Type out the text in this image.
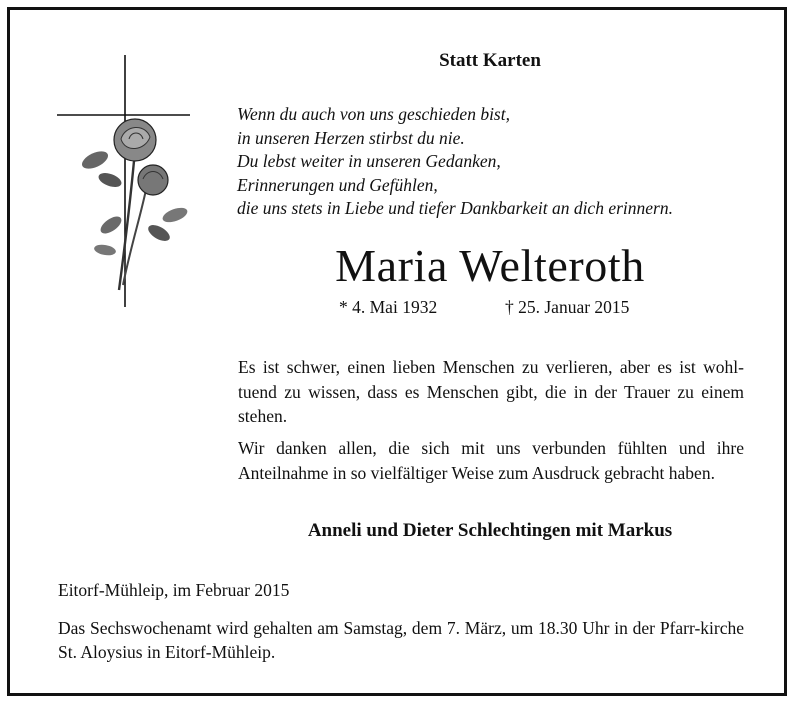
Statt Karten
Wenn du auch von uns geschieden bist,
in unseren Herzen stirbst du nie.
Du lebst weiter in unseren Gedanken,
Erinnerungen und Gefühlen,
die uns stets in Liebe und tiefer Dankbarkeit an dich erinnern.
Maria Welteroth
* 4. Mai 1932	† 25. Januar 2015

Es ist schwer, einen lieben Menschen zu verlieren, aber es ist wohl-tuend zu wissen, dass es Menschen gibt, die in der Trauer zu einem stehen.

Wir danken allen, die sich mit uns verbunden fühlten und ihre Anteilnahme in so vielfältiger Weise zum Ausdruck gebracht haben.

Anneli und Dieter Schlechtingen mit Markus
Eitorf-Mühleip, im Februar 2015

Das Sechswochenamt wird gehalten am Samstag, dem 7. März, um 18.30 Uhr in der Pfarr-kirche St. Aloysius in Eitorf-Mühleip.
